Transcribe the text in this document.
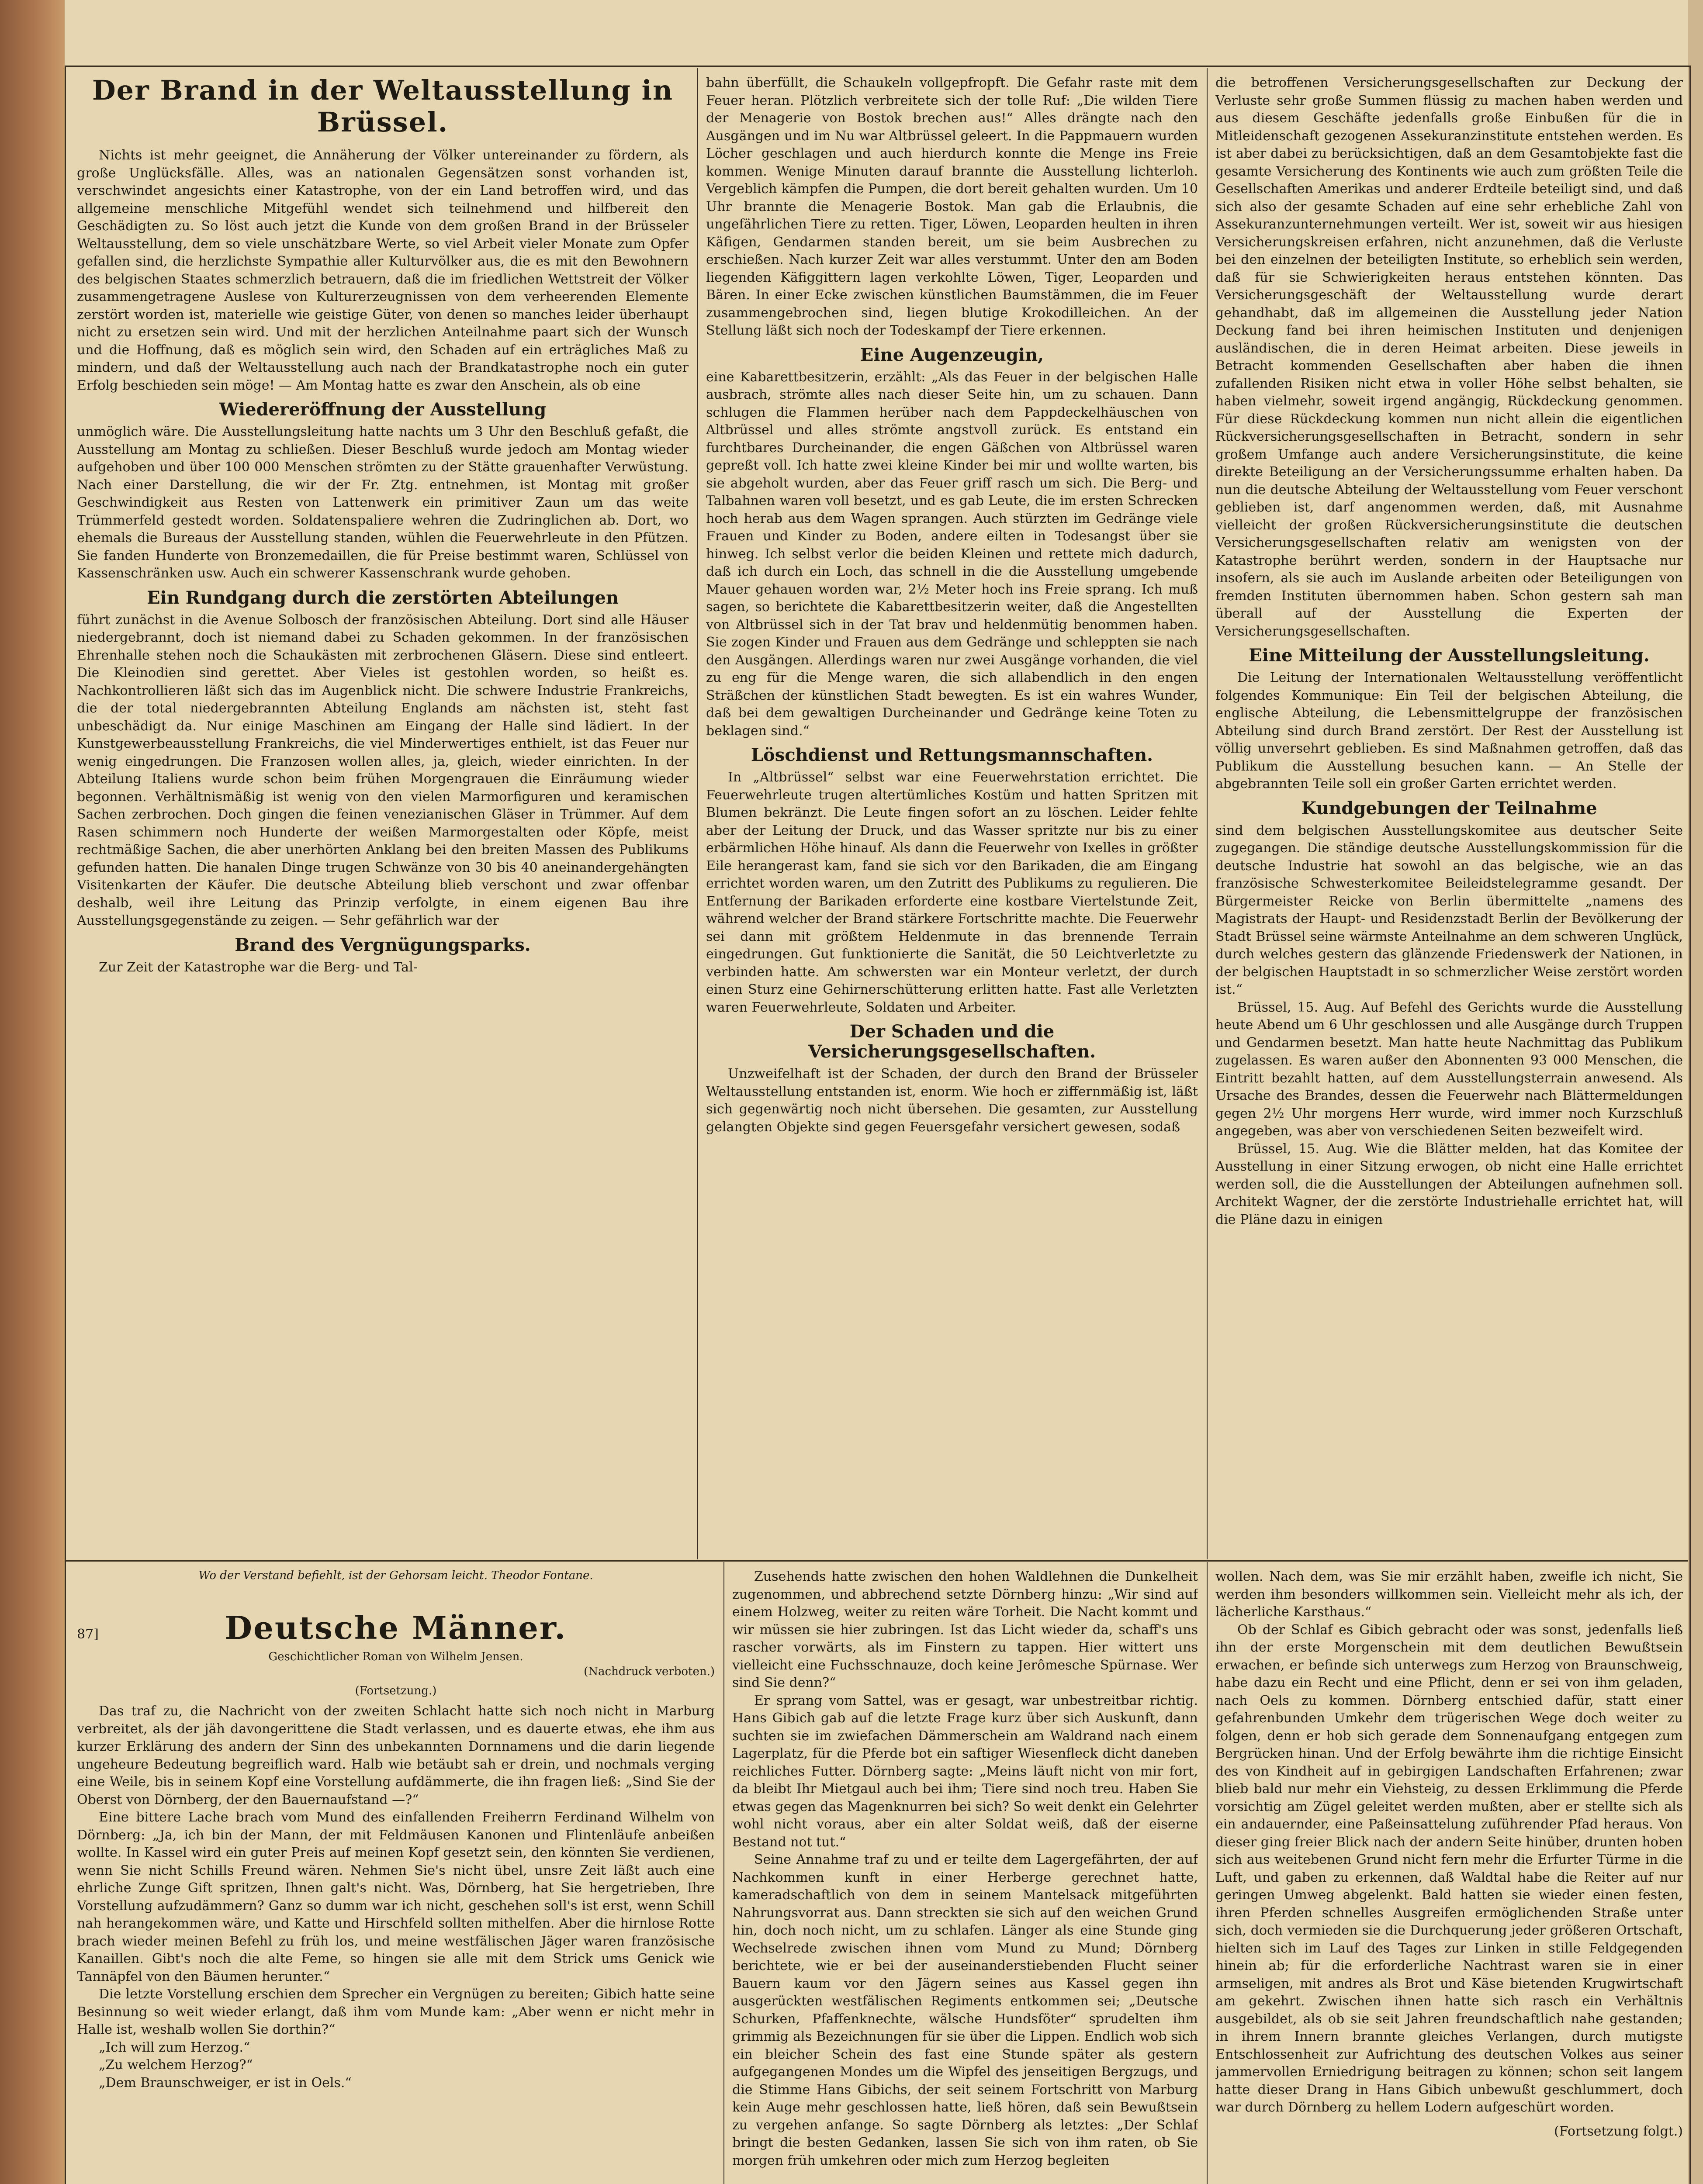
Der Brand in der Weltausstellung in Brüssel.

Nichts ist mehr geeignet, die Annäherung der Völker untereinander zu fördern, als große Unglücksfälle. Alles, was an nationalen Gegensätzen sonst vorhanden ist, verschwindet angesichts einer Katastrophe, von der ein Land betroffen wird, und das allgemeine menschliche Mitgefühl wendet sich teilnehmend und hilfbereit den Geschädigten zu. So löst auch jetzt die Kunde von dem großen Brand in der Brüsseler Weltausstellung, dem so viele unschätzbare Werte, so viel Arbeit vieler Monate zum Opfer gefallen sind, die herzlichste Sympathie aller Kulturvölker aus, die es mit den Bewohnern des belgischen Staates schmerzlich betrauern, daß die im friedlichen Wettstreit der Völker zusammengetragene Auslese von Kulturerzeugnissen von dem verheerenden Elemente zerstört worden ist, materielle wie geistige Güter, von denen so manches leider überhaupt nicht zu ersetzen sein wird. Und mit der herzlichen Anteilnahme paart sich der Wunsch und die Hoffnung, daß es möglich sein wird, den Schaden auf ein erträgliches Maß zu mindern, und daß der Weltausstellung auch nach der Brandkatastrophe noch ein guter Erfolg beschieden sein möge! — Am Montag hatte es zwar den Anschein, als ob eine

Wiedereröffnung der Ausstellung

unmöglich wäre. Die Ausstellungsleitung hatte nachts um 3 Uhr den Beschluß gefaßt, die Ausstellung am Montag zu schließen. Dieser Beschluß wurde jedoch am Montag wieder aufgehoben und über 100 000 Menschen strömten zu der Stätte grauenhafter Verwüstung. Nach einer Darstellung, die wir der Fr. Ztg. entnehmen, ist Montag mit großer Geschwindigkeit aus Resten von Lattenwerk ein primitiver Zaun um das weite Trümmerfeld gestedt worden. Soldatenspaliere wehren die Zudringlichen ab. Dort, wo ehemals die Bureaus der Ausstellung standen, wühlen die Feuerwehrleute in den Pfützen. Sie fanden Hunderte von Bronzemedaillen, die für Preise bestimmt waren, Schlüssel von Kassenschränken usw. Auch ein schwerer Kassenschrank wurde gehoben.

Ein Rundgang durch die zerstörten Abteilungen

führt zunächst in die Avenue Solbosch der französischen Abteilung. Dort sind alle Häuser niedergebrannt, doch ist niemand dabei zu Schaden gekommen. In der französischen Ehrenhalle stehen noch die Schaukästen mit zerbrochenen Gläsern. Diese sind entleert. Die Kleinodien sind gerettet. Aber Vieles ist gestohlen worden, so heißt es. Nachkontrollieren läßt sich das im Augenblick nicht. Die schwere Industrie Frankreichs, die der total niedergebrannten Abteilung Englands am nächsten ist, steht fast unbeschädigt da. Nur einige Maschinen am Eingang der Halle sind lädiert. In der Kunstgewerbeausstellung Frankreichs, die viel Minderwertiges enthielt, ist das Feuer nur wenig eingedrungen. Die Franzosen wollen alles, ja, gleich, wieder einrichten. In der Abteilung Italiens wurde schon beim frühen Morgengrauen die Einräumung wieder begonnen. Verhältnismäßig ist wenig von den vielen Marmorfiguren und keramischen Sachen zerbrochen. Doch gingen die feinen venezianischen Gläser in Trümmer. Auf dem Rasen schimmern noch Hunderte der weißen Marmorgestalten oder Köpfe, meist rechtmäßige Sachen, die aber unerhörten Anklang bei den breiten Massen des Publikums gefunden hatten. Die hanalen Dinge trugen Schwänze von 30 bis 40 aneinandergehängten Visitenkarten der Käufer. Die deutsche Abteilung blieb verschont und zwar offenbar deshalb, weil ihre Leitung das Prinzip verfolgte, in einem eigenen Bau ihre Ausstellungsgegenstände zu zeigen. — Sehr gefährlich war der

Brand des Vergnügungsparks.

Zur Zeit der Katastrophe war die Berg- und Tal-

bahn überfüllt, die Schaukeln vollgepfropft. Die Gefahr raste mit dem Feuer heran. Plötzlich verbreitete sich der tolle Ruf: „Die wilden Tiere der Menagerie von Bostok brechen aus!“ Alles drängte nach den Ausgängen und im Nu war Altbrüssel geleert. In die Pappmauern wurden Löcher geschlagen und auch hierdurch konnte die Menge ins Freie kommen. Wenige Minuten darauf brannte die Ausstellung lichterloh. Vergeblich kämpfen die Pumpen, die dort bereit gehalten wurden. Um 10 Uhr brannte die Menagerie Bostok. Man gab die Erlaubnis, die ungefährlichen Tiere zu retten. Tiger, Löwen, Leoparden heulten in ihren Käfigen, Gendarmen standen bereit, um sie beim Ausbrechen zu erschießen. Nach kurzer Zeit war alles verstummt. Unter den am Boden liegenden Käfiggittern lagen verkohlte Löwen, Tiger, Leoparden und Bären. In einer Ecke zwischen künstlichen Baumstämmen, die im Feuer zusammengebrochen sind, liegen blutige Krokodilleichen. An der Stellung läßt sich noch der Todeskampf der Tiere erkennen.

Eine Augenzeugin,

eine Kabarettbesitzerin, erzählt: „Als das Feuer in der belgischen Halle ausbrach, strömte alles nach dieser Seite hin, um zu schauen. Dann schlugen die Flammen herüber nach dem Pappdeckelhäuschen von Altbrüssel und alles strömte angstvoll zurück. Es entstand ein furchtbares Durcheinander, die engen Gäßchen von Altbrüssel waren gepreßt voll. Ich hatte zwei kleine Kinder bei mir und wollte warten, bis sie abgeholt wurden, aber das Feuer griff rasch um sich. Die Berg- und Talbahnen waren voll besetzt, und es gab Leute, die im ersten Schrecken hoch herab aus dem Wagen sprangen. Auch stürzten im Gedränge viele Frauen und Kinder zu Boden, andere eilten in Todesangst über sie hinweg. Ich selbst verlor die beiden Kleinen und rettete mich dadurch, daß ich durch ein Loch, das schnell in die die Ausstellung umgebende Mauer gehauen worden war, 2½ Meter hoch ins Freie sprang. Ich muß sagen, so berichtete die Kabarettbesitzerin weiter, daß die Angestellten von Altbrüssel sich in der Tat brav und heldenmütig benommen haben. Sie zogen Kinder und Frauen aus dem Gedränge und schleppten sie nach den Ausgängen. Allerdings waren nur zwei Ausgänge vorhanden, die viel zu eng für die Menge waren, die sich allabendlich in den engen Sträßchen der künstlichen Stadt bewegten. Es ist ein wahres Wunder, daß bei dem gewaltigen Durcheinander und Gedränge keine Toten zu beklagen sind.“

Löschdienst und Rettungsmannschaften.

In „Altbrüssel“ selbst war eine Feuerwehrstation errichtet. Die Feuerwehrleute trugen altertümliches Kostüm und hatten Spritzen mit Blumen bekränzt. Die Leute fingen sofort an zu löschen. Leider fehlte aber der Leitung der Druck, und das Wasser spritzte nur bis zu einer erbärmlichen Höhe hinauf. Als dann die Feuerwehr von Ixelles in größter Eile herangerast kam, fand sie sich vor den Barikaden, die am Eingang errichtet worden waren, um den Zutritt des Publikums zu regulieren. Die Entfernung der Barikaden erforderte eine kostbare Viertelstunde Zeit, während welcher der Brand stärkere Fortschritte machte. Die Feuerwehr sei dann mit größtem Heldenmute in das brennende Terrain eingedrungen. Gut funktionierte die Sanität, die 50 Leichtverletzte zu verbinden hatte. Am schwersten war ein Monteur verletzt, der durch einen Sturz eine Gehirnerschütterung erlitten hatte. Fast alle Verletzten waren Feuerwehrleute, Soldaten und Arbeiter.

Der Schaden und die Versicherungsgesellschaften.

Unzweifelhaft ist der Schaden, der durch den Brand der Brüsseler Weltausstellung entstanden ist, enorm. Wie hoch er ziffernmäßig ist, läßt sich gegenwärtig noch nicht übersehen. Die gesamten, zur Ausstellung gelangten Objekte sind gegen Feuersgefahr versichert gewesen, sodaß

die betroffenen Versicherungsgesellschaften zur Deckung der Verluste sehr große Summen flüssig zu machen haben werden und aus diesem Geschäfte jedenfalls große Einbußen für die in Mitleidenschaft gezogenen Assekuranzinstitute entstehen werden. Es ist aber dabei zu berücksichtigen, daß an dem Gesamtobjekte fast die gesamte Versicherung des Kontinents wie auch zum größten Teile die Gesellschaften Amerikas und anderer Erdteile beteiligt sind, und daß sich also der gesamte Schaden auf eine sehr erhebliche Zahl von Assekuranzunternehmungen verteilt. Wer ist, soweit wir aus hiesigen Versicherungskreisen erfahren, nicht anzunehmen, daß die Verluste bei den einzelnen der beteiligten Institute, so erheblich sein werden, daß für sie Schwierigkeiten heraus entstehen könnten. Das Versicherungsgeschäft der Weltausstellung wurde derart gehandhabt, daß im allgemeinen die Ausstellung jeder Nation Deckung fand bei ihren heimischen Instituten und denjenigen ausländischen, die in deren Heimat arbeiten. Diese jeweils in Betracht kommenden Gesellschaften aber haben die ihnen zufallenden Risiken nicht etwa in voller Höhe selbst behalten, sie haben vielmehr, soweit irgend angängig, Rückdeckung genommen. Für diese Rückdeckung kommen nun nicht allein die eigentlichen Rückversicherungsgesellschaften in Betracht, sondern in sehr großem Umfange auch andere Versicherungsinstitute, die keine direkte Beteiligung an der Versicherungssumme erhalten haben. Da nun die deutsche Abteilung der Weltausstellung vom Feuer verschont geblieben ist, darf angenommen werden, daß, mit Ausnahme vielleicht der großen Rückversicherungsinstitute die deutschen Versicherungsgesellschaften relativ am wenigsten von der Katastrophe berührt werden, sondern in der Hauptsache nur insofern, als sie auch im Auslande arbeiten oder Beteiligungen von fremden Instituten übernommen haben. Schon gestern sah man überall auf der Ausstellung die Experten der Versicherungsgesellschaften.

Eine Mitteilung der Ausstellungsleitung.

Die Leitung der Internationalen Weltausstellung veröffentlicht folgendes Kommunique: Ein Teil der belgischen Abteilung, die englische Abteilung, die Lebensmittelgruppe der französischen Abteilung sind durch Brand zerstört. Der Rest der Ausstellung ist völlig unversehrt geblieben. Es sind Maßnahmen getroffen, daß das Publikum die Ausstellung besuchen kann. — An Stelle der abgebrannten Teile soll ein großer Garten errichtet werden.

Kundgebungen der Teilnahme

sind dem belgischen Ausstellungskomitee aus deutscher Seite zugegangen. Die ständige deutsche Ausstellungskommission für die deutsche Industrie hat sowohl an das belgische, wie an das französische Schwesterkomitee Beileidstelegramme gesandt. Der Bürgermeister Reicke von Berlin übermittelte „namens des Magistrats der Haupt- und Residenzstadt Berlin der Bevölkerung der Stadt Brüssel seine wärmste Anteilnahme an dem schweren Unglück, durch welches gestern das glänzende Friedenswerk der Nationen, in der belgischen Hauptstadt in so schmerzlicher Weise zerstört worden ist.“

Brüssel, 15. Aug. Auf Befehl des Gerichts wurde die Ausstellung heute Abend um 6 Uhr geschlossen und alle Ausgänge durch Truppen und Gendarmen besetzt. Man hatte heute Nachmittag das Publikum zugelassen. Es waren außer den Abonnenten 93 000 Menschen, die Eintritt bezahlt hatten, auf dem Ausstellungsterrain anwesend. Als Ursache des Brandes, dessen die Feuerwehr nach Blättermeldungen gegen 2½ Uhr morgens Herr wurde, wird immer noch Kurzschluß angegeben, was aber von verschiedenen Seiten bezweifelt wird.

Brüssel, 15. Aug. Wie die Blätter melden, hat das Komitee der Ausstellung in einer Sitzung erwogen, ob nicht eine Halle errichtet werden soll, die die Ausstellungen der Abteilungen aufnehmen soll. Architekt Wagner, der die zerstörte Industriehalle errichtet hat, will die Pläne dazu in einigen

Wo der Verstand befiehlt, ist der Gehorsam leicht. Theodor Fontane.
87]	Deutsche Männer.

Geschichtlicher Roman von Wilhelm Jensen.

(Nachdruck verboten.)

(Fortsetzung.)

Das traf zu, die Nachricht von der zweiten Schlacht hatte sich noch nicht in Marburg verbreitet, als der jäh davongerittene die Stadt verlassen, und es dauerte etwas, ehe ihm aus kurzer Erklärung des andern der Sinn des unbekannten Dornnamens und die darin liegende ungeheure Bedeutung begreiflich ward. Halb wie betäubt sah er drein, und nochmals verging eine Weile, bis in seinem Kopf eine Vorstellung aufdämmerte, die ihn fragen ließ: „Sind Sie der Oberst von Dörnberg, der den Bauernaufstand —?“

Eine bittere Lache brach vom Mund des einfallenden Freiherrn Ferdinand Wilhelm von Dörnberg: „Ja, ich bin der Mann, der mit Feldmäusen Kanonen und Flintenläufe anbeißen wollte. In Kassel wird ein guter Preis auf meinen Kopf gesetzt sein, den könnten Sie verdienen, wenn Sie nicht Schills Freund wären. Nehmen Sie's nicht übel, unsre Zeit läßt auch eine ehrliche Zunge Gift spritzen, Ihnen galt's nicht. Was, Dörnberg, hat Sie hergetrieben, Ihre Vorstellung aufzudämmern? Ganz so dumm war ich nicht, geschehen soll's ist erst, wenn Schill nah herangekommen wäre, und Katte und Hirschfeld sollten mithelfen. Aber die hirnlose Rotte brach wieder meinen Befehl zu früh los, und meine westfälischen Jäger waren französische Kanaillen. Gibt's noch die alte Feme, so hingen sie alle mit dem Strick ums Genick wie Tannäpfel von den Bäumen herunter.“

Die letzte Vorstellung erschien dem Sprecher ein Vergnügen zu bereiten; Gibich hatte seine Besinnung so weit wieder erlangt, daß ihm vom Munde kam: „Aber wenn er nicht mehr in Halle ist, weshalb wollen Sie dorthin?“

„Ich will zum Herzog.“

„Zu welchem Herzog?“

„Dem Braunschweiger, er ist in Oels.“

Zusehends hatte zwischen den hohen Waldlehnen die Dunkelheit zugenommen, und abbrechend setzte Dörnberg hinzu: „Wir sind auf einem Holzweg, weiter zu reiten wäre Torheit. Die Nacht kommt und wir müssen sie hier zubringen. Ist das Licht wieder da, schaff's uns rascher vorwärts, als im Finstern zu tappen. Hier wittert uns vielleicht eine Fuchsschnauze, doch keine Jerômesche Spürnase. Wer sind Sie denn?“

Er sprang vom Sattel, was er gesagt, war unbestreitbar richtig. Hans Gibich gab auf die letzte Frage kurz über sich Auskunft, dann suchten sie im zwiefachen Dämmerschein am Waldrand nach einem Lagerplatz, für die Pferde bot ein saftiger Wiesenfleck dicht daneben reichliches Futter. Dörnberg sagte: „Meins läuft nicht von mir fort, da bleibt Ihr Mietgaul auch bei ihm; Tiere sind noch treu. Haben Sie etwas gegen das Magenknurren bei sich? So weit denkt ein Gelehrter wohl nicht voraus, aber ein alter Soldat weiß, daß der eiserne Bestand not tut.“

Seine Annahme traf zu und er teilte dem Lagergefährten, der auf Nachkommen kunft in einer Herberge gerechnet hatte, kameradschaftlich von dem in seinem Mantelsack mitgeführten Nahrungsvorrat aus. Dann streckten sie sich auf den weichen Grund hin, doch noch nicht, um zu schlafen. Länger als eine Stunde ging Wechselrede zwischen ihnen vom Mund zu Mund; Dörnberg berichtete, wie er bei der auseinanderstiebenden Flucht seiner Bauern kaum vor den Jägern seines aus Kassel gegen ihn ausgerückten westfälischen Regiments entkommen sei; „Deutsche Schurken, Pfaffenknechte, wälsche Hundsföter“ sprudelten ihm grimmig als Bezeichnungen für sie über die Lippen. Endlich wob sich ein bleicher Schein des fast eine Stunde später als gestern aufgegangenen Mondes um die Wipfel des jenseitigen Bergzugs, und die Stimme Hans Gibichs, der seit seinem Fortschritt von Marburg kein Auge mehr geschlossen hatte, ließ hören, daß sein Bewußtsein zu vergehen anfange. So sagte Dörnberg als letztes: „Der Schlaf bringt die besten Gedanken, lassen Sie sich von ihm raten, ob Sie morgen früh umkehren oder mich zum Herzog begleiten

wollen. Nach dem, was Sie mir erzählt haben, zweifle ich nicht, Sie werden ihm besonders willkommen sein. Vielleicht mehr als ich, der lächerliche Karsthaus.“

Ob der Schlaf es Gibich gebracht oder was sonst, jedenfalls ließ ihn der erste Morgenschein mit dem deutlichen Bewußtsein erwachen, er befinde sich unterwegs zum Herzog von Braunschweig, habe dazu ein Recht und eine Pflicht, denn er sei von ihm geladen, nach Oels zu kommen. Dörnberg entschied dafür, statt einer gefahrenbunden Umkehr dem trügerischen Wege doch weiter zu folgen, denn er hob sich gerade dem Sonnenaufgang entgegen zum Bergrücken hinan. Und der Erfolg bewährte ihm die richtige Einsicht des von Kindheit auf in gebirgigen Landschaften Erfahrenen; zwar blieb bald nur mehr ein Viehsteig, zu dessen Erklimmung die Pferde vorsichtig am Zügel geleitet werden mußten, aber er stellte sich als ein andauernder, eine Paßeinsattelung zuführender Pfad heraus. Von dieser ging freier Blick nach der andern Seite hinüber, drunten hoben sich aus weitebenen Grund nicht fern mehr die Erfurter Türme in die Luft, und gaben zu erkennen, daß Waldtal habe die Reiter auf nur geringen Umweg abgelenkt. Bald hatten sie wieder einen festen, ihren Pferden schnelles Ausgreifen ermöglichenden Straße unter sich, doch vermieden sie die Durchquerung jeder größeren Ortschaft, hielten sich im Lauf des Tages zur Linken in stille Feldgegenden hinein ab; für die erforderliche Nachtrast waren sie in einer armseligen, mit andres als Brot und Käse bietenden Krugwirtschaft am gekehrt. Zwischen ihnen hatte sich rasch ein Verhältnis ausgebildet, als ob sie seit Jahren freundschaftlich nahe gestanden; in ihrem Innern brannte gleiches Verlangen, durch mutigste Entschlossenheit zur Aufrichtung des deutschen Volkes aus seiner jammervollen Erniedrigung beitragen zu können; schon seit langem hatte dieser Drang in Hans Gibich unbewußt geschlummert, doch war durch Dörnberg zu hellem Lodern aufgeschürt worden.

(Fortsetzung folgt.)
